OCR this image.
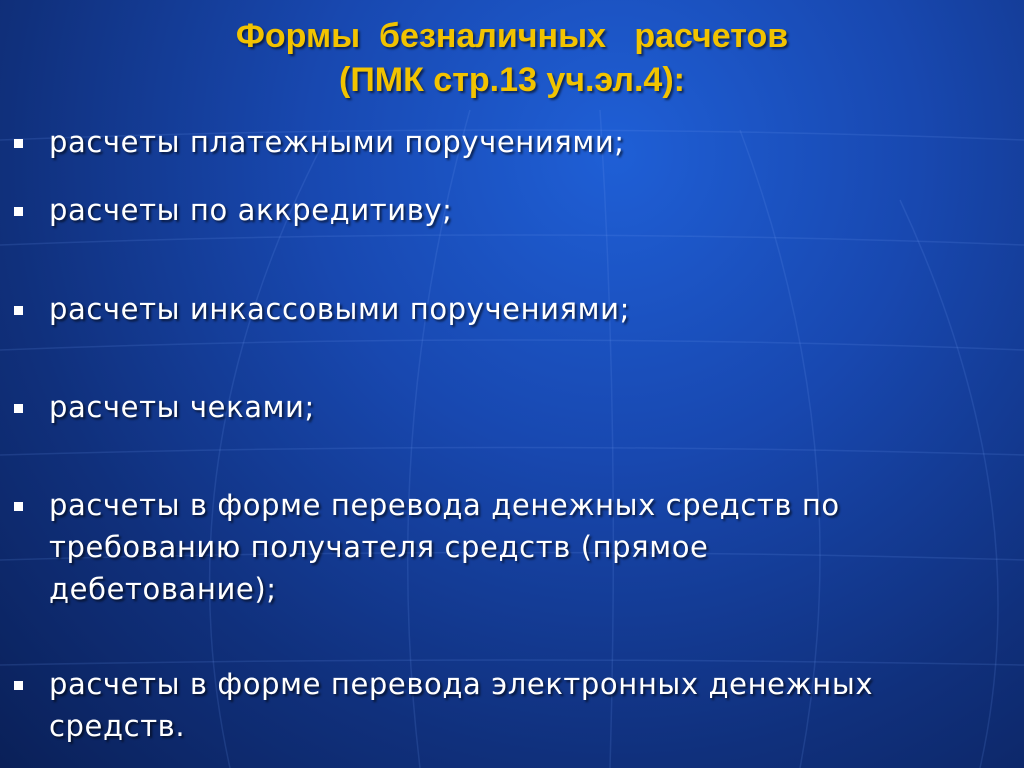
Формы  безналичных   расчетов
(ПМК стр.13 уч.эл.4):
расчеты платежными поручениями;
расчеты по аккредитиву;
расчеты инкассовыми поручениями;
расчеты чеками;
расчеты в форме перевода денежных средств по
требованию получателя средств (прямое
дебетование);
расчеты в форме перевода электронных денежных
средств.
